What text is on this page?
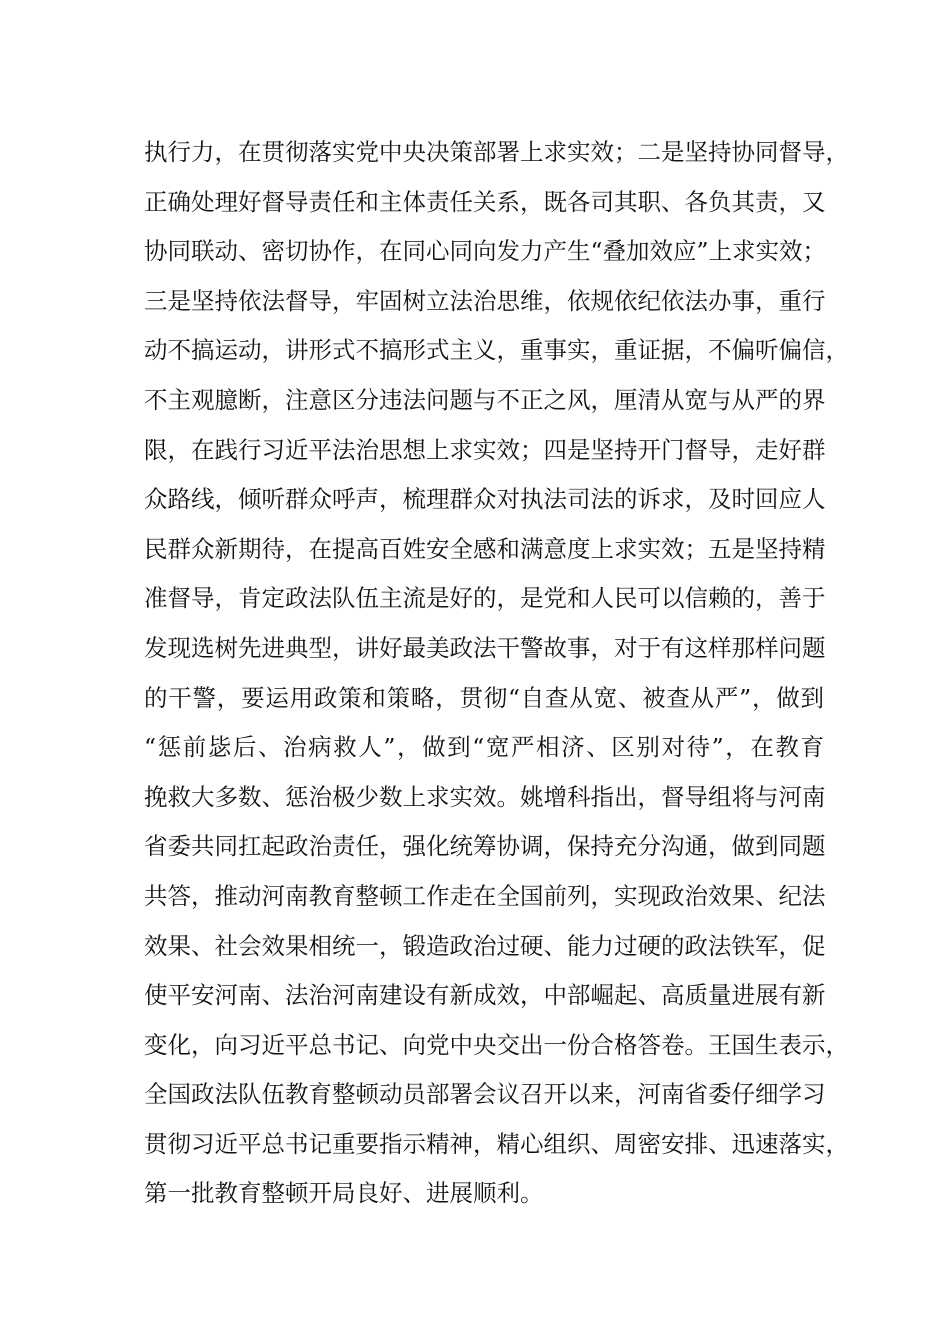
执行力，在贯彻落实党中央决策部署上求实效；二是坚持协同督导，
正确处理好督导责任和主体责任关系，既各司其职、各负其责，又
协同联动、密切协作，在同心同向发力产生“叠加效应”上求实效；
三是坚持依法督导，牢固树立法治思维，依规依纪依法办事，重行
动不搞运动，讲形式不搞形式主义，重事实，重证据，不偏听偏信，
不主观臆断，注意区分违法问题与不正之风，厘清从宽与从严的界
限，在践行习近平法治思想上求实效；四是坚持开门督导，走好群
众路线，倾听群众呼声，梳理群众对执法司法的诉求，及时回应人
民群众新期待，在提高百姓安全感和满意度上求实效；五是坚持精
准督导，肯定政法队伍主流是好的，是党和人民可以信赖的，善于
发现选树先进典型，讲好最美政法干警故事，对于有这样那样问题
的干警，要运用政策和策略，贯彻“自查从宽、被查从严”，做到
“惩前毖后、治病救人”，做到“宽严相济、区别对待”，在教育
挽救大多数、惩治极少数上求实效。姚增科指出，督导组将与河南
省委共同扛起政治责任，强化统筹协调，保持充分沟通，做到同题
共答，推动河南教育整顿工作走在全国前列，实现政治效果、纪法
效果、社会效果相统一，锻造政治过硬、能力过硬的政法铁军，促
使平安河南、法治河南建设有新成效，中部崛起、高质量进展有新
变化，向习近平总书记、向党中央交出一份合格答卷。王国生表示，
全国政法队伍教育整顿动员部署会议召开以来，河南省委仔细学习
贯彻习近平总书记重要指示精神，精心组织、周密安排、迅速落实，
第一批教育整顿开局良好、进展顺利。
